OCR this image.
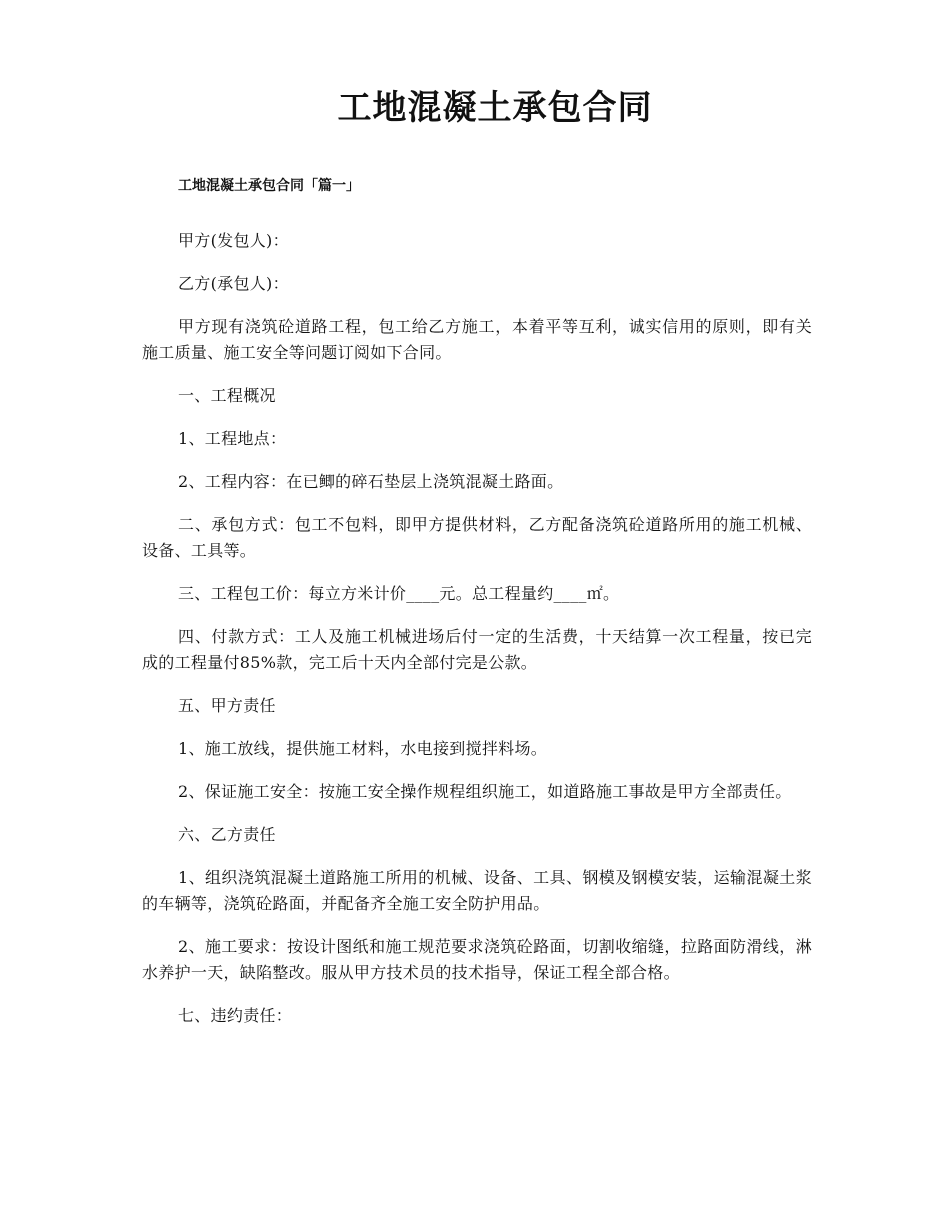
工地混凝土承包合同
工地混凝土承包合同「篇一」

甲方(发包人)：

乙方(承包人)：

甲方现有浇筑砼道路工程，包工给乙方施工，本着平等互利，诚实信用的原则，即有关施工质量、施工安全等问题订阅如下合同。

一、工程概况

1、工程地点：

2、工程内容：在已鲫的碎石垫层上浇筑混凝土路面。

二、承包方式：包工不包料，即甲方提供材料，乙方配备浇筑砼道路所用的施工机械、设备、工具等。

三、工程包工价：每立方米计价____元。总工程量约____㎡。

四、付款方式：工人及施工机械进场后付一定的生活费，十天结算一次工程量，按已完成的工程量付85%款，完工后十天内全部付完是公款。

五、甲方责任

1、施工放线，提供施工材料，水电接到搅拌料场。

2、保证施工安全：按施工安全操作规程组织施工，如道路施工事故是甲方全部责任。

六、乙方责任

1、组织浇筑混凝土道路施工所用的机械、设备、工具、钢模及钢模安装，运输混凝土浆的车辆等，浇筑砼路面，并配备齐全施工安全防护用品。

2、施工要求：按设计图纸和施工规范要求浇筑砼路面，切割收缩缝，拉路面防滑线，淋水养护一天，缺陷整改。服从甲方技术员的技术指导，保证工程全部合格。

七、违约责任：
